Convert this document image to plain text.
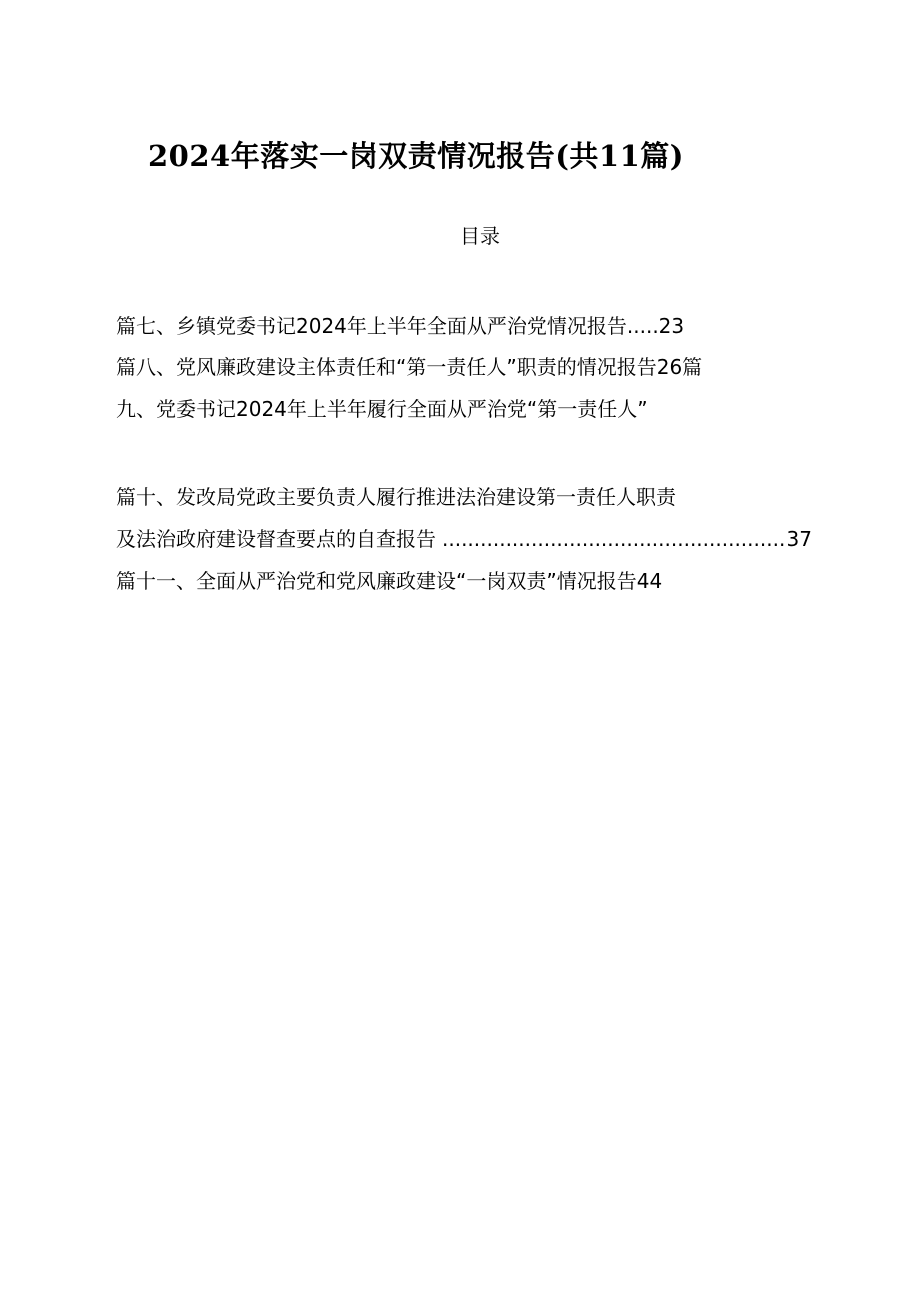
2024年落实一岗双责情况报告(共11篇)
目录
篇七、乡镇党委书记2024年上半年全面从严治党情况报告.....23
篇八、党风廉政建设主体责任和“第一责任人”职责的情况报告26篇
九、党委书记2024年上半年履行全面从严治党“第一责任人”
篇十、发改局党政主要负责人履行推进法治建设第一责任人职责
及法治政府建设督查要点的自查报告
.....	37
篇十一、全面从严治党和党风廉政建设“一岗双责”情况报告44
